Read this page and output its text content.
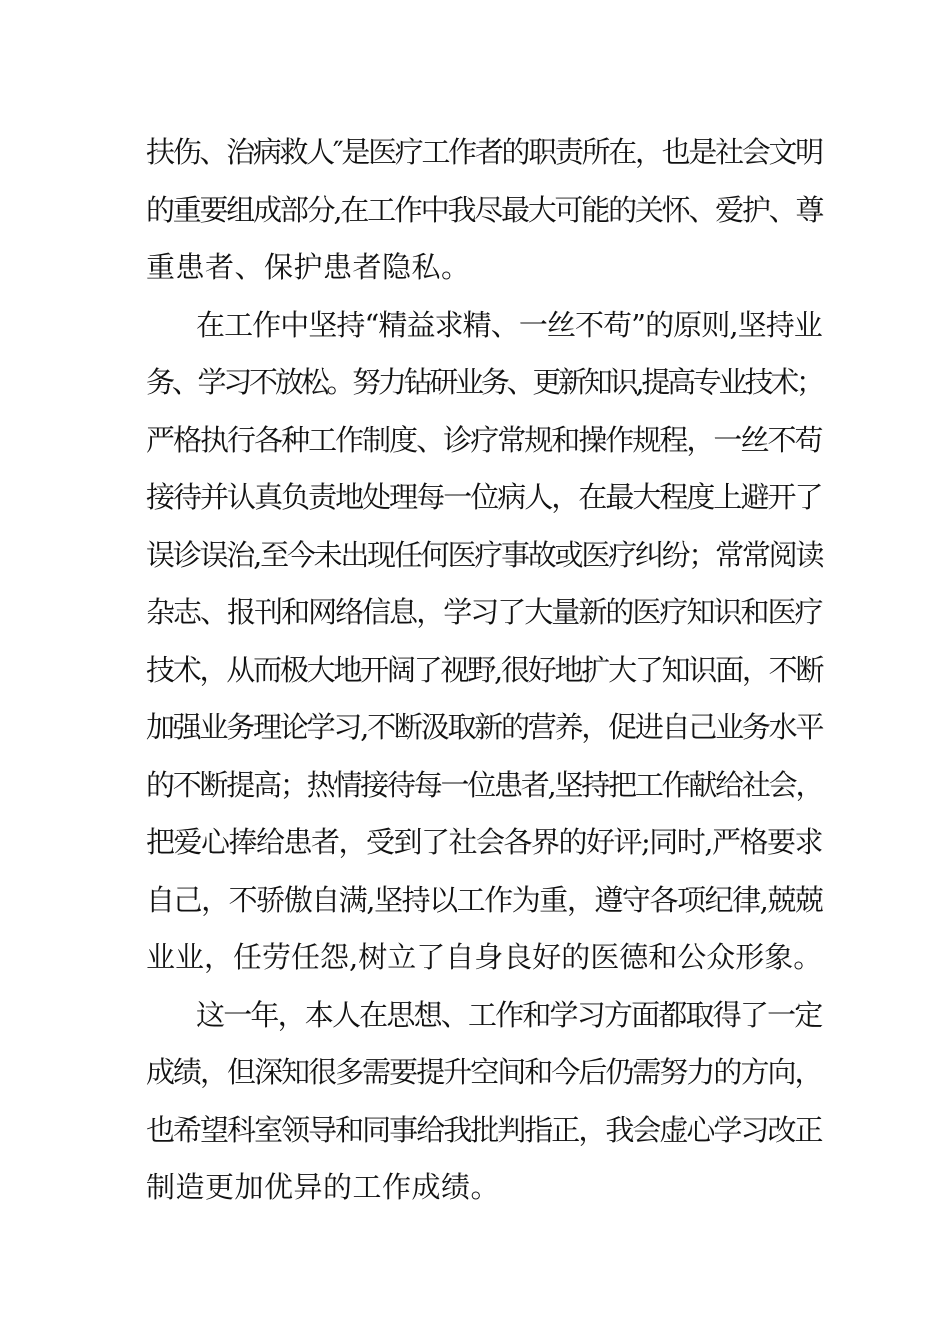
扶伤、治病救人″是医疗工作者的职责所在，也是社会文明
的重要组成部分,在工作中我尽最大可能的关怀、爱护、尊
重患者、保护患者隐私。
在工作中坚持“精益求精、一丝不苟”的原则,坚持业
务、学习不放松。努力钻研业务、更新知识,提高专业技术；
严格执行各种工作制度、诊疗常规和操作规程，一丝不苟
接待并认真负责地处理每一位病人，在最大程度上避开了
误诊误治,至今未出现任何医疗事故或医疗纠纷；常常阅读
杂志、报刊和网络信息，学习了大量新的医疗知识和医疗
技术，从而极大地开阔了视野,很好地扩大了知识面，不断
加强业务理论学习,不断汲取新的营养，促进自己业务水平
的不断提高；热情接待每一位患者,坚持把工作献给社会，
把爱心捧给患者，受到了社会各界的好评;同时,严格要求
自己，不骄傲自满,坚持以工作为重，遵守各项纪律,兢兢
业业，任劳任怨,树立了自身良好的医德和公众形象。
这一年，本人在思想、工作和学习方面都取得了一定
成绩，但深知很多需要提升空间和今后仍需努力的方向，
也希望科室领导和同事给我批判指正，我会虚心学习改正
制造更加优异的工作成绩。
